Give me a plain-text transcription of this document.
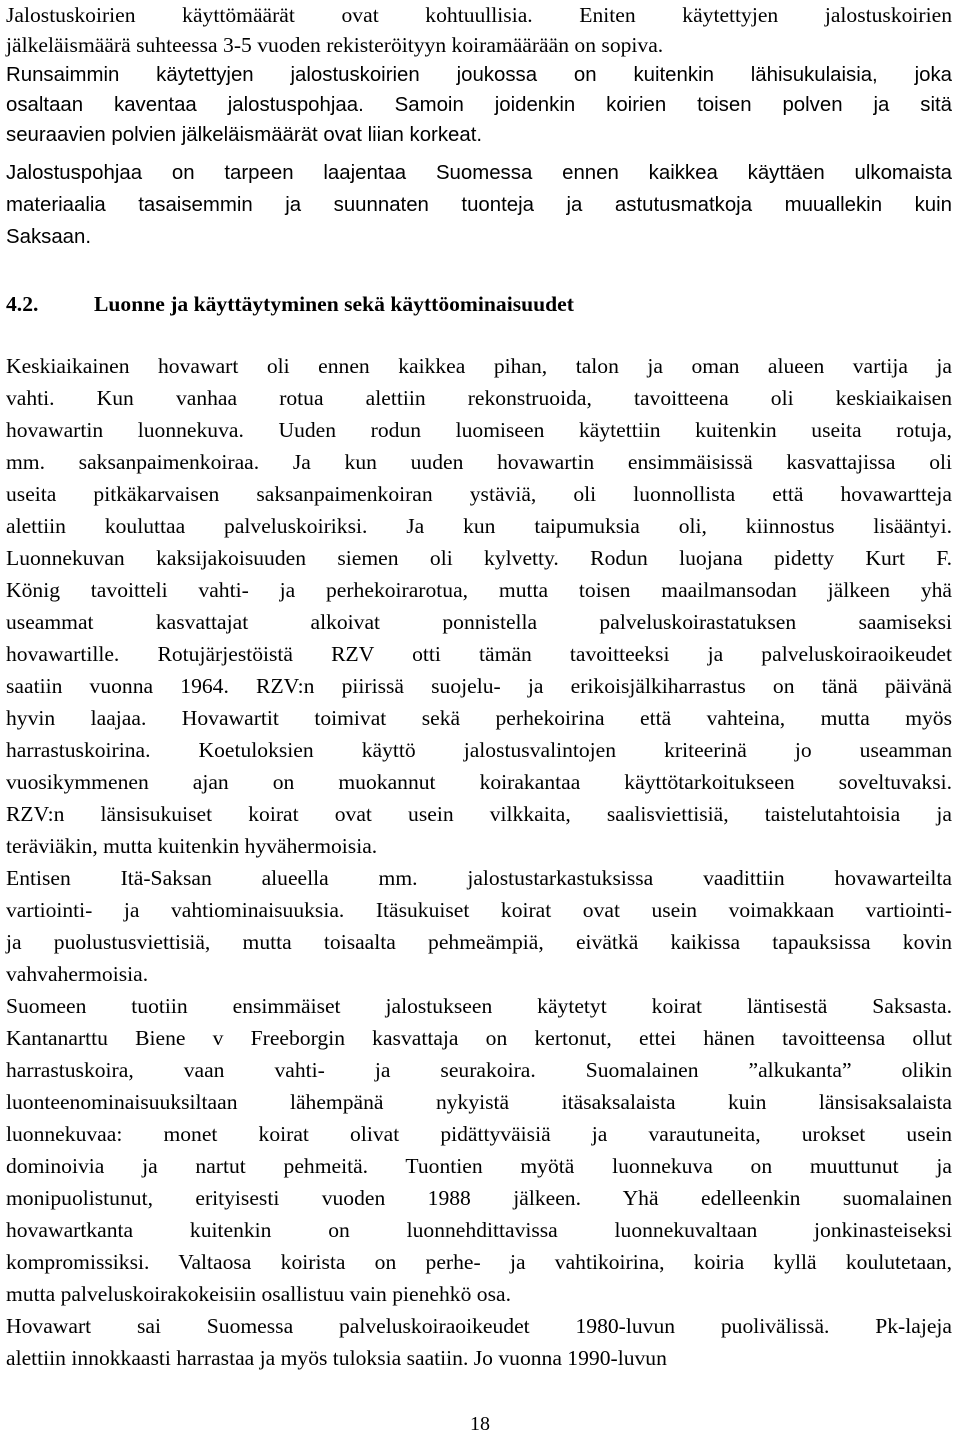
Jalostuskoirien käyttömäärät ovat kohtuullisia. Eniten käytettyjen jalostuskoirien
jälkeläismäärä suhteessa 3-5 vuoden rekisteröityyn koiramäärään on sopiva.
Runsaimmin käytettyjen jalostuskoirien joukossa on kuitenkin lähisukulaisia, joka
osaltaan kaventaa jalostuspohjaa. Samoin joidenkin koirien toisen polven ja sitä
seuraavien polvien jälkeläismäärät ovat liian korkeat.
Jalostuspohjaa on tarpeen laajentaa Suomessa ennen kaikkea käyttäen ulkomaista
materiaalia tasaisemmin ja suunnaten tuonteja ja astutusmatkoja muuallekin kuin
Saksaan.
4.2.	Luonne ja käyttäytyminen sekä käyttöominaisuudet
Keskiaikainen hovawart oli ennen kaikkea pihan, talon ja oman alueen vartija ja
vahti. Kun vanhaa rotua alettiin rekonstruoida, tavoitteena oli keskiaikaisen
hovawartin luonnekuva. Uuden rodun luomiseen käytettiin kuitenkin useita rotuja,
mm. saksanpaimenkoiraa. Ja kun uuden hovawartin ensimmäisissä kasvattajissa oli
useita pitkäkarvaisen saksanpaimenkoiran ystäviä, oli luonnollista että hovawartteja
alettiin kouluttaa palveluskoiriksi. Ja kun taipumuksia oli, kiinnostus lisääntyi.
Luonnekuvan kaksijakoisuuden siemen oli kylvetty. Rodun luojana pidetty Kurt F.
König tavoitteli vahti- ja perhekoirarotua, mutta toisen maailmansodan jälkeen yhä
useammat kasvattajat alkoivat ponnistella palveluskoirastatuksen saamiseksi
hovawartille. Rotujärjestöistä RZV otti tämän tavoitteeksi ja palveluskoiraoikeudet
saatiin vuonna 1964. RZV:n piirissä suojelu- ja erikoisjälkiharrastus on tänä päivänä
hyvin laajaa. Hovawartit toimivat sekä perhekoirina että vahteina, mutta myös
harrastuskoirina. Koetuloksien käyttö jalostusvalintojen kriteerinä jo useamman
vuosikymmenen ajan on muokannut koirakantaa käyttötarkoitukseen soveltuvaksi.
RZV:n länsisukuiset koirat ovat usein vilkkaita, saalisviettisiä, taistelutahtoisia ja
teräviäkin, mutta kuitenkin hyvähermoisia.
Entisen Itä-Saksan alueella mm. jalostustarkastuksissa vaadittiin hovawarteilta
vartiointi- ja vahtiominaisuuksia. Itäsukuiset koirat ovat usein voimakkaan vartiointi-
ja puolustusviettisiä, mutta toisaalta pehmeämpiä, eivätkä kaikissa tapauksissa kovin
vahvahermoisia.
Suomeen tuotiin ensimmäiset jalostukseen käytetyt koirat läntisestä Saksasta.
Kantanarttu Biene v Freeborgin kasvattaja on kertonut, ettei hänen tavoitteensa ollut
harrastuskoira, vaan vahti- ja seurakoira. Suomalainen ”alkukanta” olikin
luonteenominaisuuksiltaan lähempänä nykyistä itäsaksalaista kuin länsisaksalaista
luonnekuvaa: monet koirat olivat pidättyväisiä ja varautuneita, urokset usein
dominoivia ja nartut pehmeitä. Tuontien myötä luonnekuva on muuttunut ja
monipuolistunut, erityisesti vuoden 1988 jälkeen. Yhä edelleenkin suomalainen
hovawartkanta kuitenkin on luonnehdittavissa luonnekuvaltaan jonkinasteiseksi
kompromissiksi. Valtaosa koirista on perhe- ja vahtikoirina, koiria kyllä koulutetaan,
mutta palveluskoirakokeisiin osallistuu vain pienehkö osa.
Hovawart sai Suomessa palveluskoiraoikeudet 1980-luvun puolivälissä. Pk-lajeja
alettiin innokkaasti harrastaa ja myös tuloksia saatiin. Jo vuonna 1990-luvun
18
